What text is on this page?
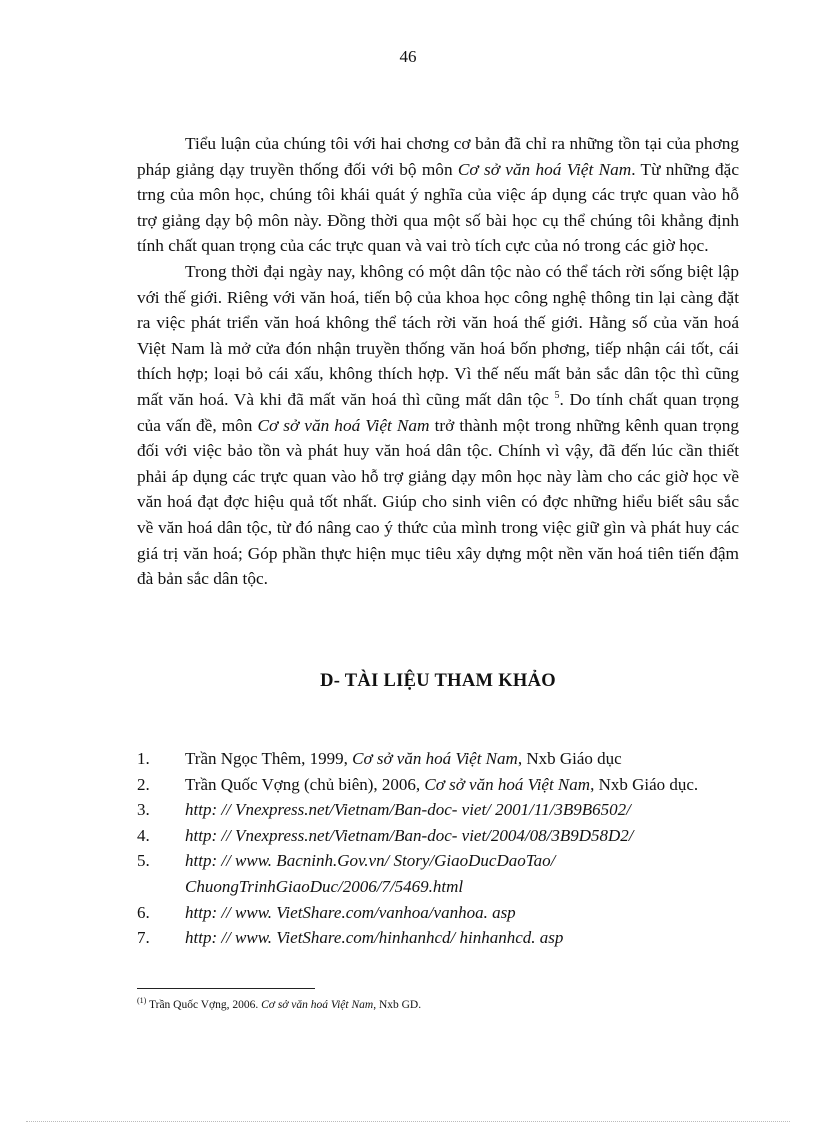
46

Tiểu luận của chúng tôi với hai chơng cơ bản đã chỉ ra những tồn tại của phơng pháp giảng dạy truyền thống đối với bộ môn Cơ sở văn hoá Việt Nam. Từ những đặc trng của môn học, chúng tôi khái quát ý nghĩa của việc áp dụng các trực quan vào hỗ trợ giảng dạy bộ môn này. Đồng thời qua một số bài học cụ thể chúng tôi khẳng định tính chất quan trọng của các trực quan và vai trò tích cực của nó trong các giờ học.

Trong thời đại ngày nay, không có một dân tộc nào có thể tách rời sống biệt lập với thế giới. Riêng với văn hoá, tiến bộ của khoa học công nghệ thông tin lại càng đặt ra việc phát triển văn hoá không thể tách rời văn hoá thế giới. Hằng số của văn hoá Việt Nam là mở cửa đón nhận truyền thống văn hoá bốn phơng, tiếp nhận cái tốt, cái thích hợp; loại bỏ cái xấu, không thích hợp. Vì thế nếu mất bản sắc dân tộc thì cũng mất văn hoá. Và khi đã mất văn hoá thì cũng mất dân tộc $^5$. Do tính chất quan trọng của vấn đề, môn Cơ sở văn hoá Việt Nam trở thành một trong những kênh quan trọng đối với việc bảo tồn và phát huy văn hoá dân tộc. Chính vì vậy, đã đến lúc cần thiết phải áp dụng các trực quan vào hỗ trợ giảng dạy môn học này làm cho các giờ học về văn hoá đạt đợc hiệu quả tốt nhất. Giúp cho sinh viên có đợc những hiểu biết sâu sắc về văn hoá dân tộc, từ đó nâng cao ý thức của mình trong việc giữ gìn và phát huy các giá trị văn hoá; Góp phần thực hiện mục tiêu xây dựng một nền văn hoá tiên tiến đậm đà bản sắc dân tộc.

D- TÀI LIỆU THAM KHẢO
1. Trần Ngọc Thêm, 1999, Cơ sở văn hoá Việt Nam, Nxb Giáo dục
2. Trần Quốc Vợng (chủ biên), 2006, Cơ sở văn hoá Việt Nam, Nxb Giáo dục.
3. http: // Vnexpress.net/Vietnam/Ban-doc- viet/ 2001/11/3B9B6502/
4. http: // Vnexpress.net/Vietnam/Ban-doc- viet/2004/08/3B9D58D2/
5. http: // www. Bacninh.Gov.vn/ Story/GiaoDucDaoTao/ ChuongTrinhGiaoDuc/2006/7/5469.html
6. http: // www. VietShare.com/vanhoa/vanhoa. asp
7. http: // www. VietShare.com/hinhanhcd/ hinhanhcd. asp
$^{(1)}$ Trần Quốc Vợng, 2006. Cơ sở văn hoá Việt Nam, Nxb GD.
